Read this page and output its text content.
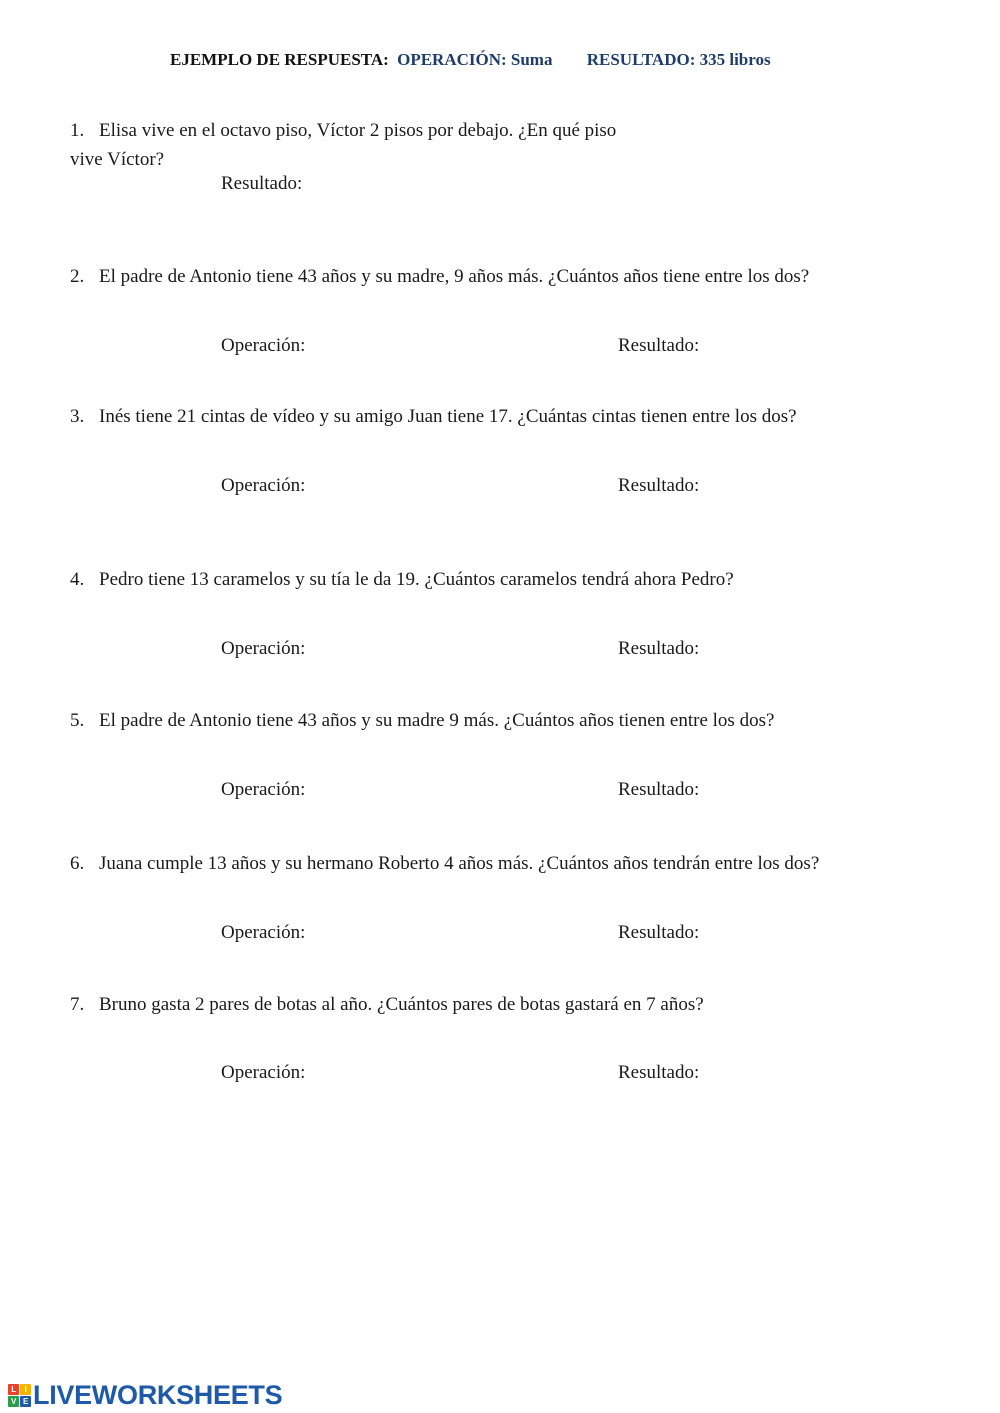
EJEMPLO DE RESPUESTA: OPERACIÓN: Suma RESULTADO: 335 libros
1. Elisa vive en el octavo piso, Víctor 2 pisos por debajo. ¿En qué piso
vive Víctor?
Resultado:
2. El padre de Antonio tiene 43 años y su madre, 9 años más. ¿Cuántos años tiene entre los dos?
Operación:	Resultado:
3. Inés tiene 21 cintas de vídeo y su amigo Juan tiene 17. ¿Cuántas cintas tienen entre los dos?
Operación:	Resultado:
4. Pedro tiene 13 caramelos y su tía le da 19. ¿Cuántos caramelos tendrá ahora Pedro?
Operación:	Resultado:
5. El padre de Antonio tiene 43 años y su madre 9 más. ¿Cuántos años tienen entre los dos?
Operación:	Resultado:
6. Juana cumple 13 años y su hermano Roberto 4 años más. ¿Cuántos años tendrán entre los dos?
Operación:	Resultado:
7. Bruno gasta 2 pares de botas al año. ¿Cuántos pares de botas gastará en 7 años?
Operación:	Resultado:
L	I
V E LIVEWORKSHEETS
